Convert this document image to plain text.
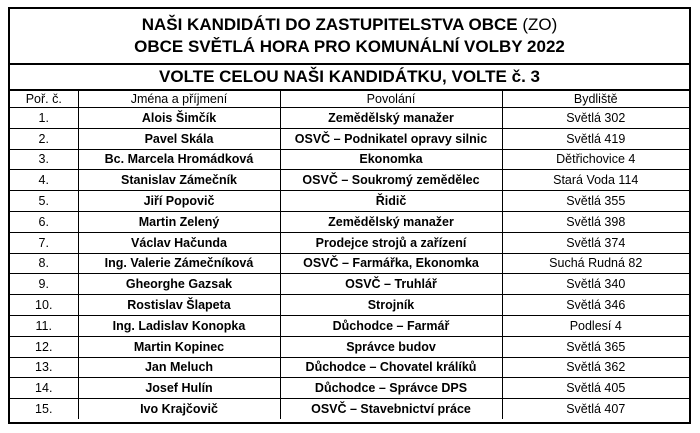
NAŠI KANDIDÁTI DO ZASTUPITELSTVA OBCE (ZO)
OBCE SVĚTLÁ HORA PRO KOMUNÁLNÍ VOLBY 2022
VOLTE CELOU NAŠI KANDIDÁTKU, VOLTE č. 3
Poř. č.	Jména a příjmení	Povolání	Bydliště
1.	Alois Šimčík	Zemědělský manažer	Světlá 302
2.	Pavel Skála	OSVČ – Podnikatel opravy silnic	Světlá 419
3.	Bc. Marcela Hromádková	Ekonomka	Dětřichovice 4
4.	Stanislav Zámečník	OSVČ – Soukromý zemědělec	Stará Voda 114
5.	Jiří Popovič	Řidič	Světlá 355
6.	Martin Zelený	Zemědělský manažer	Světlá 398
7.	Václav Hačunda	Prodejce strojů a zařízení	Světlá 374
8.	Ing. Valerie Zámečníková	OSVČ – Farmářka, Ekonomka	Suchá Rudná 82
9.	Gheorghe Gazsak	OSVČ – Truhlář	Světlá 340
10.	Rostislav Šlapeta	Strojník	Světlá 346
11.	Ing. Ladislav Konopka	Důchodce – Farmář	Podlesí 4
12.	Martin Kopinec	Správce budov	Světlá 365
13.	Jan Meluch	Důchodce – Chovatel králíků	Světlá 362
14.	Josef Hulín	Důchodce – Správce DPS	Světlá 405
15.	Ivo Krajčovič	OSVČ – Stavebnictví práce	Světlá 407
